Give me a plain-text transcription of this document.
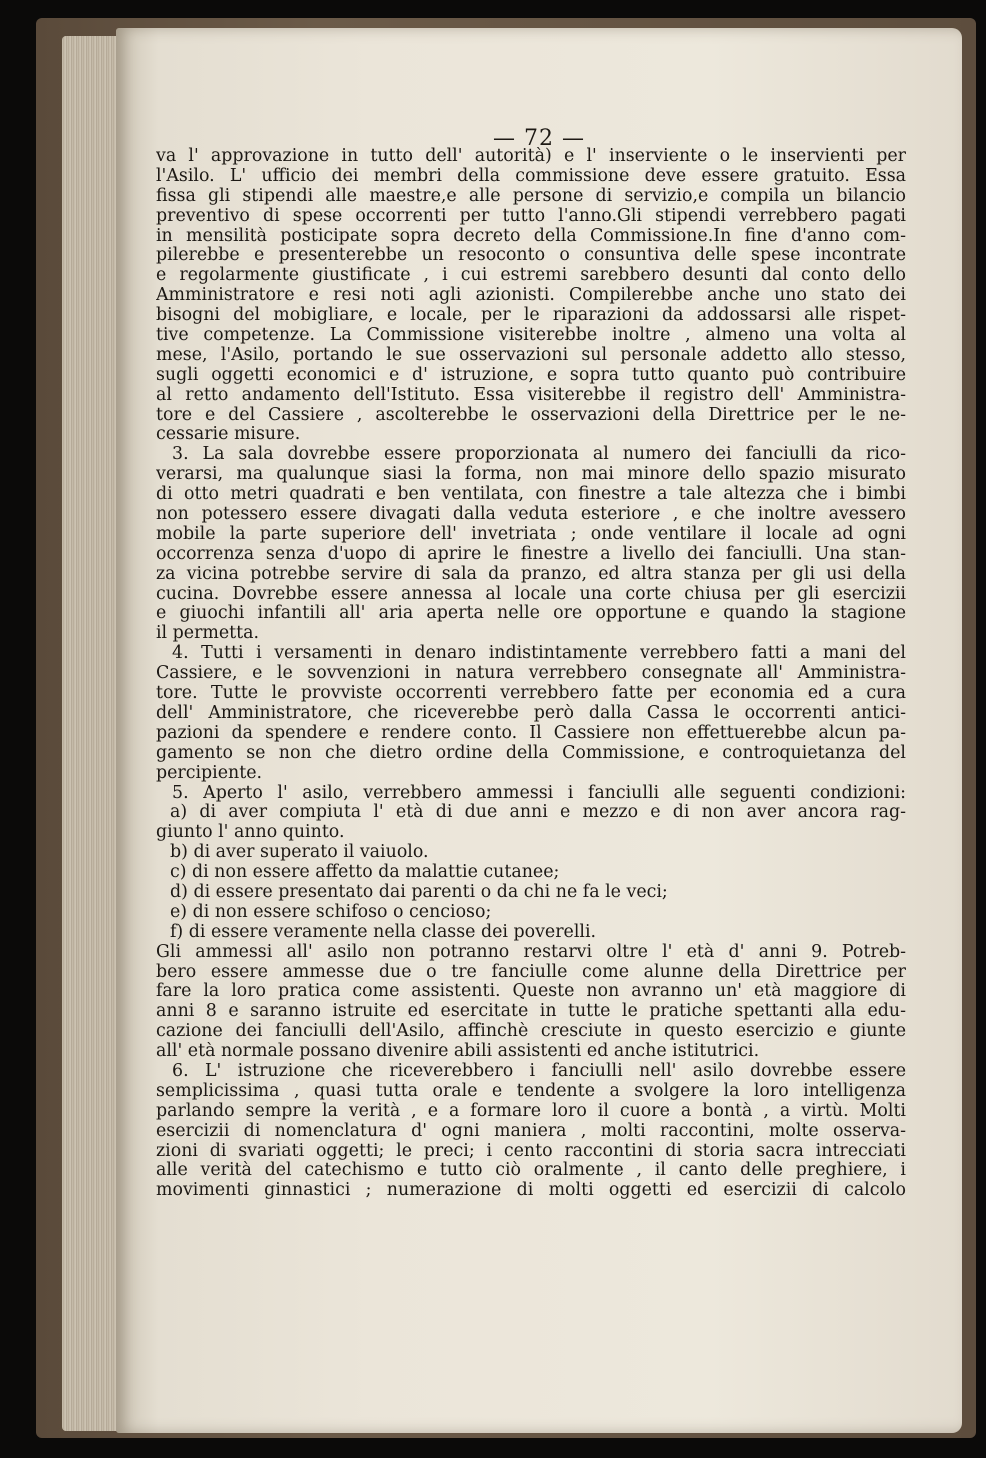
— 72 —
va l' approvazione in tutto dell' autorità) e l' inserviente o le inservienti per
l'Asilo. L' ufficio dei membri della commissione deve essere gratuito. Essa
fissa gli stipendi alle maestre,e alle persone di servizio,e compila un bilancio
preventivo di spese occorrenti per tutto l'anno.Gli stipendi verrebbero pagati
in mensilità posticipate sopra decreto della Commissione.In fine d'anno com-
pilerebbe e presenterebbe un resoconto o consuntiva delle spese incontrate
e regolarmente giustificate , i cui estremi sarebbero desunti dal conto dello
Amministratore e resi noti agli azionisti. Compilerebbe anche uno stato dei
bisogni del mobigliare, e locale, per le riparazioni da addossarsi alle rispet-
tive competenze. La Commissione visiterebbe inoltre , almeno una volta al
mese, l'Asilo, portando le sue osservazioni sul personale addetto allo stesso,
sugli oggetti economici e d' istruzione, e sopra tutto quanto può contribuire
al retto andamento dell'Istituto. Essa visiterebbe il registro dell' Amministra-
tore e del Cassiere , ascolterebbe le osservazioni della Direttrice per le ne-
cessarie misure.
3. La sala dovrebbe essere proporzionata al numero dei fanciulli da rico-
verarsi, ma qualunque siasi la forma, non mai minore dello spazio misurato
di otto metri quadrati e ben ventilata, con finestre a tale altezza che i bimbi
non potessero essere divagati dalla veduta esteriore , e che inoltre avessero
mobile la parte superiore dell' invetriata ; onde ventilare il locale ad ogni
occorrenza senza d'uopo di aprire le finestre a livello dei fanciulli. Una stan-
za vicina potrebbe servire di sala da pranzo, ed altra stanza per gli usi della
cucina. Dovrebbe essere annessa al locale una corte chiusa per gli esercizii
e giuochi infantili all' aria aperta nelle ore opportune e quando la stagione
il permetta.
4. Tutti i versamenti in denaro indistintamente verrebbero fatti a mani del
Cassiere, e le sovvenzioni in natura verrebbero consegnate all' Amministra-
tore. Tutte le provviste occorrenti verrebbero fatte per economia ed a cura
dell' Amministratore, che riceverebbe però dalla Cassa le occorrenti antici-
pazioni da spendere e rendere conto. Il Cassiere non effettuerebbe alcun pa-
gamento se non che dietro ordine della Commissione, e controquietanza del
percipiente.
5. Aperto l' asilo, verrebbero ammessi i fanciulli alle seguenti condizioni:
a) di aver compiuta l' età di due anni e mezzo e di non aver ancora rag-
giunto l' anno quinto.
b) di aver superato il vaiuolo.
c) di non essere affetto da malattie cutanee;
d) di essere presentato dai parenti o da chi ne fa le veci;
e) di non essere schifoso o cencioso;
f) di essere veramente nella classe dei poverelli.
Gli ammessi all' asilo non potranno restarvi oltre l' età d' anni 9. Potreb-
bero essere ammesse due o tre fanciulle come alunne della Direttrice per
fare la loro pratica come assistenti. Queste non avranno un' età maggiore di
anni 8 e saranno istruite ed esercitate in tutte le pratiche spettanti alla edu-
cazione dei fanciulli dell'Asilo, affinchè cresciute in questo esercizio e giunte
all' età normale possano divenire abili assistenti ed anche istitutrici.
6. L' istruzione che riceverebbero i fanciulli nell' asilo dovrebbe essere
semplicissima , quasi tutta orale e tendente a svolgere la loro intelligenza
parlando sempre la verità , e a formare loro il cuore a bontà , a virtù. Molti
esercizii di nomenclatura d' ogni maniera , molti raccontini, molte osserva-
zioni di svariati oggetti; le preci; i cento raccontini di storia sacra intrecciati
alle verità del catechismo e tutto ciò oralmente , il canto delle preghiere, i
movimenti ginnastici ; numerazione di molti oggetti ed esercizii di calcolo
